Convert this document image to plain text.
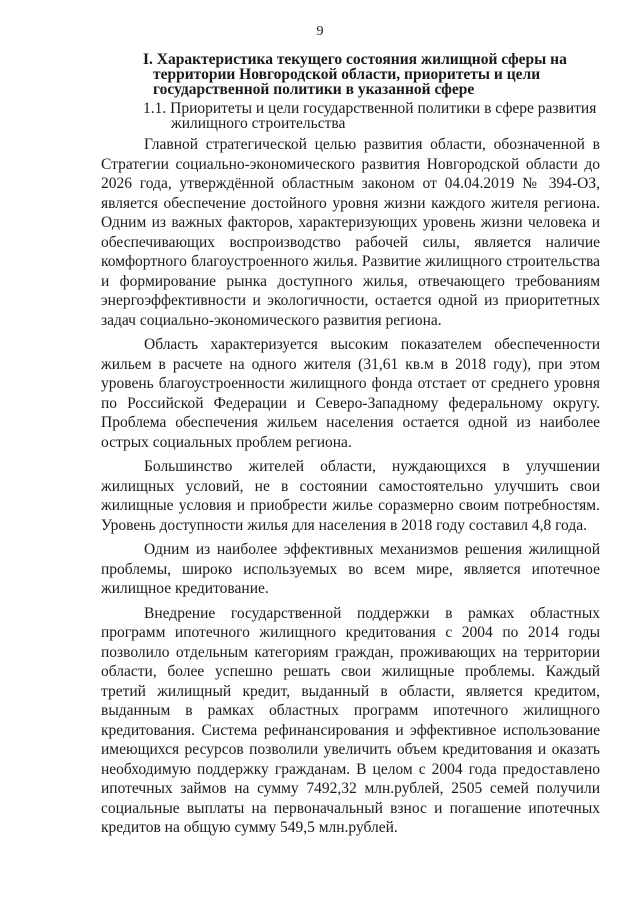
9
I. Характеристика текущего состояния жилищной сферы на территории Новгородской области, приоритеты и цели государственной политики в указанной сфере
1.1. Приоритеты и цели государственной политики в сфере развития жилищного строительства

Главной стратегической целью развития области, обозначенной в Стратегии социально-экономического развития Новгородской области до 2026 года, утверждённой областным законом от 04.04.2019 № 394-ОЗ, является обеспечение достойного уровня жизни каждого жителя региона. Одним из важных факторов, характеризующих уровень жизни человека и обеспечивающих воспроизводство рабочей силы, является наличие комфортного благоустроенного жилья. Развитие жилищного строительства и формирование рынка доступного жилья, отвечающего требованиям энергоэффективности и экологичности, остается одной из приоритетных задач социально-экономического развития региона.

Область характеризуется высоким показателем обеспеченности жильем в расчете на одного жителя (31,61 кв.м в 2018 году), при этом уровень благоустроенности жилищного фонда отстает от среднего уровня по Российской Федерации и Северо-Западному федеральному округу. Проблема обеспечения жильем населения остается одной из наиболее острых социальных проблем региона.

Большинство жителей области, нуждающихся в улучшении жилищных условий, не в состоянии самостоятельно улучшить свои жилищные условия и приобрести жилье соразмерно своим потребностям. Уровень доступности жилья для населения в 2018 году составил 4,8 года.

Одним из наиболее эффективных механизмов решения жилищной проблемы, широко используемых во всем мире, является ипотечное жилищное кредитование.

Внедрение государственной поддержки в рамках областных программ ипотечного жилищного кредитования с 2004 по 2014 годы позволило отдельным категориям граждан, проживающих на территории области, более успешно решать свои жилищные проблемы. Каждый третий жилищный кредит, выданный в области, является кредитом, выданным в рамках областных программ ипотечного жилищного кредитования. Система рефинансирования и эффективное использование имеющихся ресурсов позволили увеличить объем кредитования и оказать необходимую поддержку гражданам. В целом с 2004 года предоставлено ипотечных займов на сумму 7492,32 млн.рублей, 2505 семей получили социальные выплаты на первоначальный взнос и погашение ипотечных кредитов на общую сумму 549,5 млн.рублей.
